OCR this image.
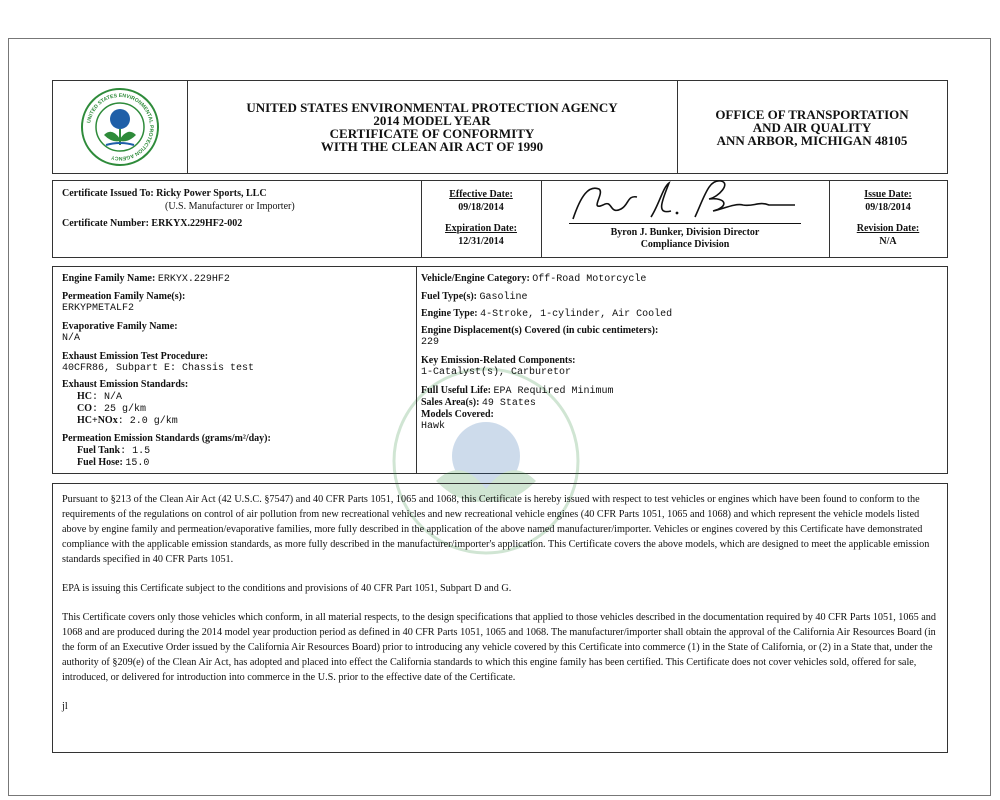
UNITED STATES ENVIRONMENTAL PROTECTION AGENCY
UNITED STATES ENVIRONMENTAL PROTECTION AGENCY
2014 MODEL YEAR
CERTIFICATE OF CONFORMITY
WITH THE CLEAN AIR ACT OF 1990
OFFICE OF TRANSPORTATION
AND AIR QUALITY
ANN ARBOR, MICHIGAN 48105
Certificate Issued To: Ricky Power Sports, LLC
(U.S. Manufacturer or Importer)
Certificate Number: ERKYX.229HF2-002
Effective Date:
09/18/2014
Expiration Date:
12/31/2014
Byron J. Bunker, Division Director
Compliance Division
Issue Date:
09/18/2014
Revision Date:
N/A
Engine Family Name: ERKYX.229HF2
Permeation Family Name(s):
ERKYPMETALF2
Evaporative Family Name:
N/A
Exhaust Emission Test Procedure:
40CFR86, Subpart E: Chassis test
Exhaust Emission Standards:
HC: N/A
CO: 25 g/km
HC+NOx: 2.0 g/km
Permeation Emission Standards (grams/m²/day):
Fuel Tank: 1.5
Fuel Hose: 15.0
Vehicle/Engine Category: Off-Road Motorcycle
Fuel Type(s): Gasoline
Engine Type: 4-Stroke, 1-cylinder, Air Cooled
Engine Displacement(s) Covered (in cubic centimeters):
229
Key Emission-Related Components:
1-Catalyst(s), Carburetor
Full Useful Life: EPA Required Minimum
Sales Area(s): 49 States
Models Covered:
Hawk

Pursuant to §213 of the Clean Air Act (42 U.S.C. §7547) and 40 CFR Parts 1051, 1065 and 1068, this Certificate is hereby issued with respect to test vehicles or engines which have been found to conform to the requirements of the regulations on control of air pollution from new recreational vehicles and new recreational vehicle engines (40 CFR Parts 1051, 1065 and 1068) and which represent the vehicle models listed above by engine family and permeation/evaporative families, more fully described in the application of the above named manufacturer/importer. Vehicles or engines covered by this Certificate have demonstrated compliance with the applicable emission standards, as more fully described in the manufacturer/importer's application. This Certificate covers the above models, which are designed to meet the applicable emission standards specified in 40 CFR Parts 1051.

EPA is issuing this Certificate subject to the conditions and provisions of 40 CFR Part 1051, Subpart D and G.

This Certificate covers only those vehicles which conform, in all material respects, to the design specifications that applied to those vehicles described in the documentation required by 40 CFR Parts 1051, 1065 and 1068 and are produced during the 2014 model year production period as defined in 40 CFR Parts 1051, 1065 and 1068. The manufacturer/importer shall obtain the approval of the California Air Resources Board (in the form of an Executive Order issued by the California Air Resources Board) prior to introducing any vehicle covered by this Certificate into commerce (1) in the State of California, or (2) in a State that, under the authority of §209(e) of the Clean Air Act, has adopted and placed into effect the California standards to which this engine family has been certified. This Certificate does not cover vehicles sold, offered for sale, introduced, or delivered for introduction into commerce in the U.S. prior to the effective date of the Certificate.

jl
